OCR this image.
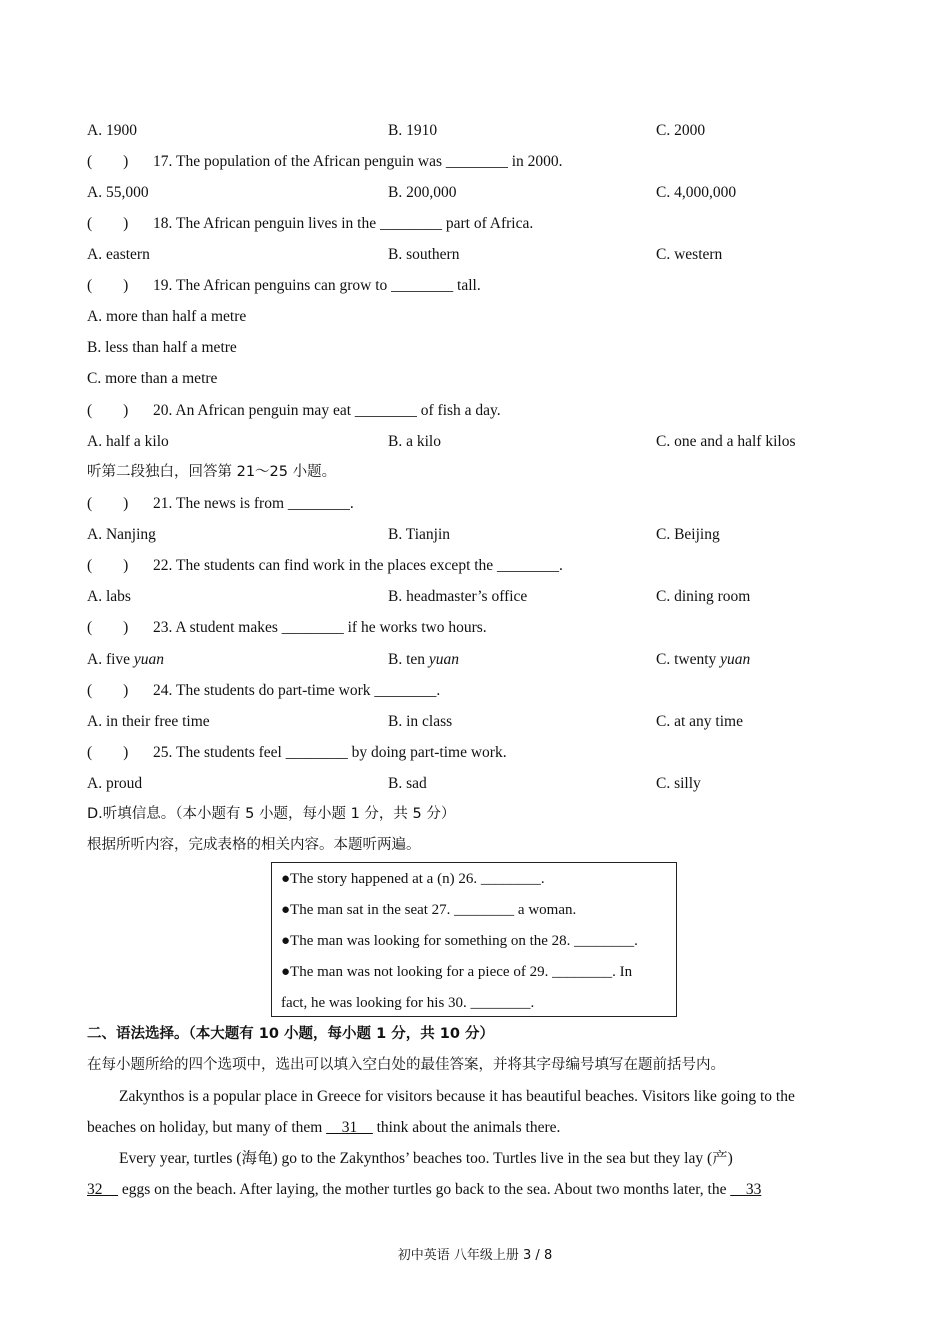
A. 1900	B. 1910	C. 2000
(　　) 17. The population of the African penguin was ________ in 2000.
A. 55,000	B. 200,000	C. 4,000,000
(　　) 18. The African penguin lives in the ________ part of Africa.
A. eastern	B. southern	C. western
(　　) 19. The African penguins can grow to ________ tall.
A. more than half a metre
B. less than half a metre
C. more than a metre
(　　) 20. An African penguin may eat ________ of fish a day.
A. half a kilo	B. a kilo	C. one and a half kilos
听第二段独白，回答第 21～25 小题。
(　　) 21. The news is from ________.
A. Nanjing	B. Tianjin	C. Beijing
(　　) 22. The students can find work in the places except the ________.
A. labs	B. headmaster’s office	C. dining room
(　　) 23. A student makes ________ if he works two hours.
A. five yuan	B. ten yuan	C. twenty yuan
(　　) 24. The students do part-time work ________.
A. in their free time	B. in class	C. at any time
(　　) 25. The students feel ________ by doing part-time work.
A. proud	B. sad	C. silly
D.听填信息。（本小题有 5 小题，每小题 1 分，共 5 分）
根据所听内容，完成表格的相关内容。本题听两遍。
●The story happened at a (n) 26. ________.
●The man sat in the seat 27. ________ a woman.
●The man was looking for something on the 28. ________.
●The man was not looking for a piece of 29. ________. In
fact, he was looking for his 30. ________.
二、语法选择。（本大题有 10 小题，每小题 1 分，共 10 分）
在每小题所给的四个选项中，选出可以填入空白处的最佳答案，并将其字母编号填写在题前括号内。
Zakynthos is a popular place in Greece for visitors because it has beautiful beaches. Visitors like going to the
beaches on holiday, but many of them __31__ think about the animals there.
Every year, turtles (海龟) go to the Zakynthos’ beaches too. Turtles live in the sea but they lay (产)
32__ eggs on the beach. After laying, the mother turtles go back to the sea. About two months later, the __33
初中英语 八年级上册 3 / 8
